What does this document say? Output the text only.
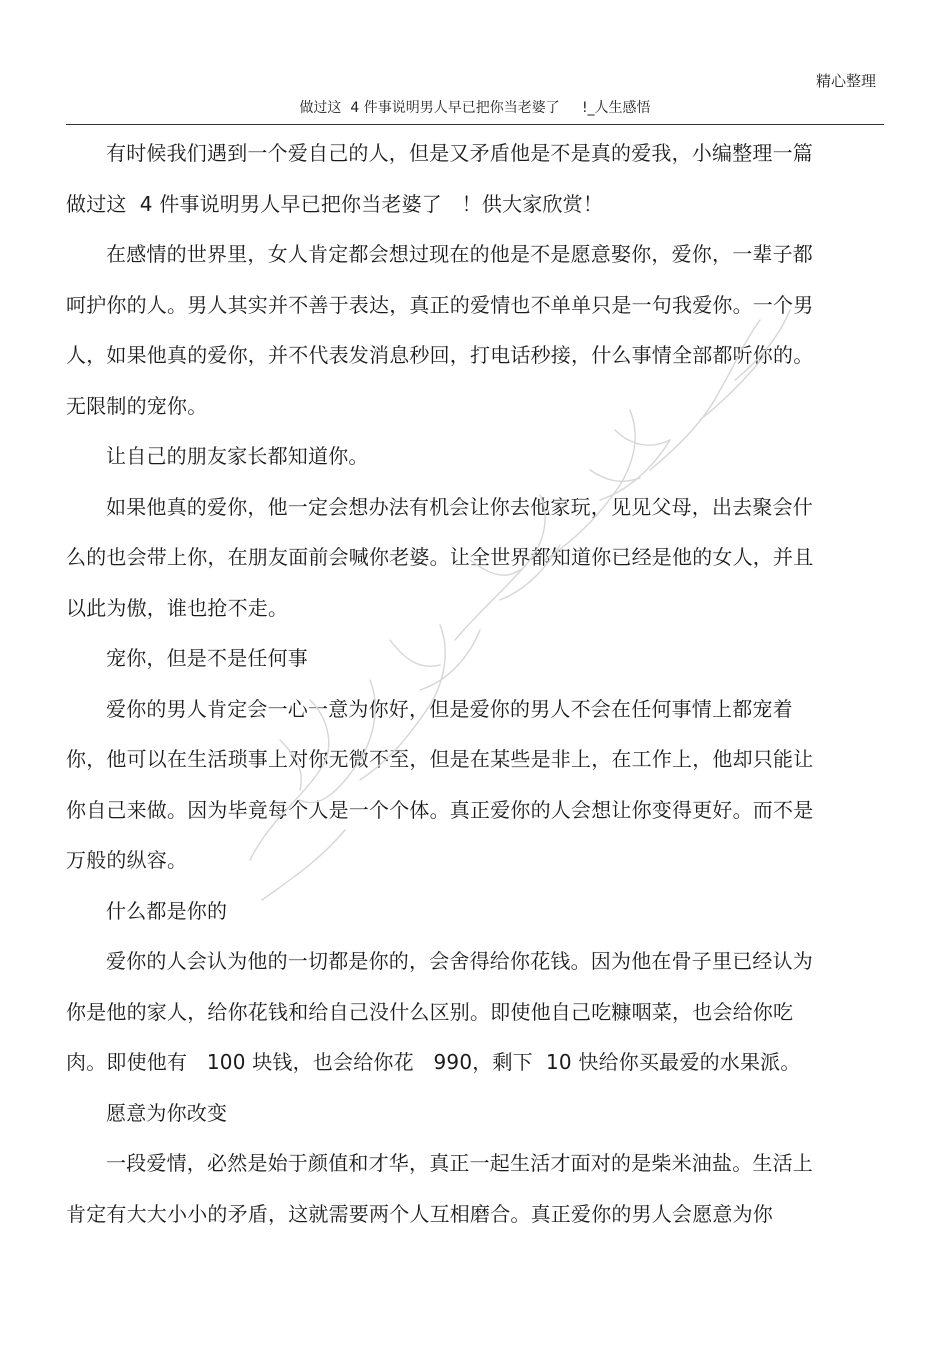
精心整理
做过这  4 件事说明男人早已把你当老婆了     !_人生感悟

有时候我们遇到一个爱自己的人，但是又矛盾他是不是真的爱我，小编整理一篇做过这  4 件事说明男人早已把你当老婆了   ！供大家欣赏！

在感情的世界里，女人肯定都会想过现在的他是不是愿意娶你，爱你，一辈子都呵护你的人。男人其实并不善于表达，真正的爱情也不单单只是一句我爱你。一个男人，如果他真的爱你，并不代表发消息秒回，打电话秒接，什么事情全部都听你的。无限制的宠你。

让自己的朋友家长都知道你。

如果他真的爱你，他一定会想办法有机会让你去他家玩，见见父母，出去聚会什么的也会带上你，在朋友面前会喊你老婆。让全世界都知道你已经是他的女人，并且以此为傲，谁也抢不走。

宠你，但是不是任何事

爱你的男人肯定会一心一意为你好，但是爱你的男人不会在任何事情上都宠着你，他可以在生活琐事上对你无微不至，但是在某些是非上，在工作上，他却只能让你自己来做。因为毕竟每个人是一个个体。真正爱你的人会想让你变得更好。而不是万般的纵容。

什么都是你的

爱你的人会认为他的一切都是你的，会舍得给你花钱。因为他在骨子里已经认为你是他的家人，给你花钱和给自己没什么区别。即使他自己吃糠咽菜，也会给你吃肉。即使他有   100 块钱，也会给你花   990，剩下  10 快给你买最爱的水果派。

愿意为你改变

一段爱情，必然是始于颜值和才华，真正一起生活才面对的是柴米油盐。生活上肯定有大大小小的矛盾，这就需要两个人互相磨合。真正爱你的男人会愿意为你
